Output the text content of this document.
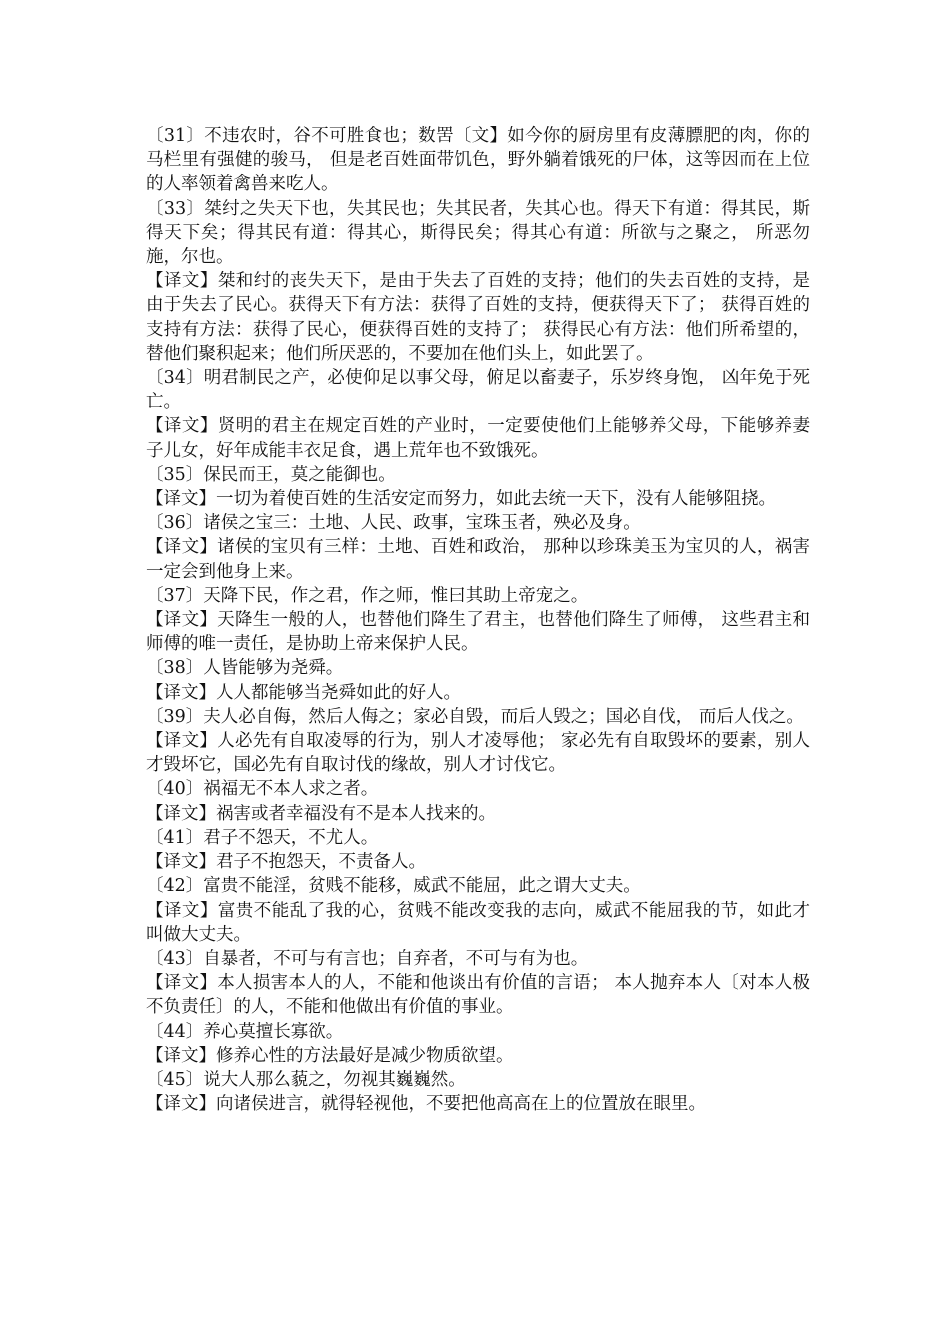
〔31〕不违农时，谷不可胜食也；数罟〔文】如今你的厨房里有皮薄膘肥的肉，你的马栏里有强健的骏马， 但是老百姓面带饥色，野外躺着饿死的尸体，这等因而在上位的人率领着禽兽来吃人。

〔33〕桀纣之失天下也，失其民也；失其民者，失其心也。得天下有道：得其民，斯得天下矣；得其民有道：得其心，斯得民矣；得其心有道：所欲与之聚之， 所恶勿施，尔也。

【译文】桀和纣的丧失天下，是由于失去了百姓的支持；他们的失去百姓的支持，是由于失去了民心。获得天下有方法：获得了百姓的支持，便获得天下了； 获得百姓的支持有方法：获得了民心，便获得百姓的支持了； 获得民心有方法：他们所希望的，替他们聚积起来；他们所厌恶的，不要加在他们头上，如此罢了。

〔34〕明君制民之产，必使仰足以事父母，俯足以畜妻子，乐岁终身饱， 凶年免于死亡。

【译文】贤明的君主在规定百姓的产业时，一定要使他们上能够养父母，下能够养妻子儿女，好年成能丰衣足食，遇上荒年也不致饿死。

〔35〕保民而王，莫之能御也。

【译文】一切为着使百姓的生活安定而努力，如此去统一天下，没有人能够阻挠。

〔36〕诸侯之宝三：土地、人民、政事，宝珠玉者，殃必及身。

【译文】诸侯的宝贝有三样：土地、百姓和政治， 那种以珍珠美玉为宝贝的人，祸害一定会到他身上来。

〔37〕天降下民，作之君，作之师，惟曰其助上帝宠之。

【译文】天降生一般的人，也替他们降生了君主，也替他们降生了师傅， 这些君主和师傅的唯一责任，是协助上帝来保护人民。

〔38〕人皆能够为尧舜。

【译文】人人都能够当尧舜如此的好人。

〔39〕夫人必自侮，然后人侮之；家必自毁，而后人毁之；国必自伐， 而后人伐之。

【译文】人必先有自取凌辱的行为，别人才凌辱他； 家必先有自取毁坏的要素，别人才毁坏它，国必先有自取讨伐的缘故，别人才讨伐它。

〔40〕祸福无不本人求之者。

【译文】祸害或者幸福没有不是本人找来的。

〔41〕君子不怨天，不尤人。

【译文】君子不抱怨天，不责备人。

〔42〕富贵不能淫，贫贱不能移，威武不能屈，此之谓大丈夫。

【译文】富贵不能乱了我的心，贫贱不能改变我的志向，威武不能屈我的节，如此才叫做大丈夫。

〔43〕自暴者，不可与有言也；自弃者，不可与有为也。

【译文】本人损害本人的人，不能和他谈出有价值的言语； 本人抛弃本人〔对本人极不负责任〕的人，不能和他做出有价值的事业。

〔44〕养心莫擅长寡欲。

【译文】修养心性的方法最好是减少物质欲望。

〔45〕说大人那么藐之，勿视其巍巍然。

【译文】向诸侯进言，就得轻视他，不要把他高高在上的位置放在眼里。
